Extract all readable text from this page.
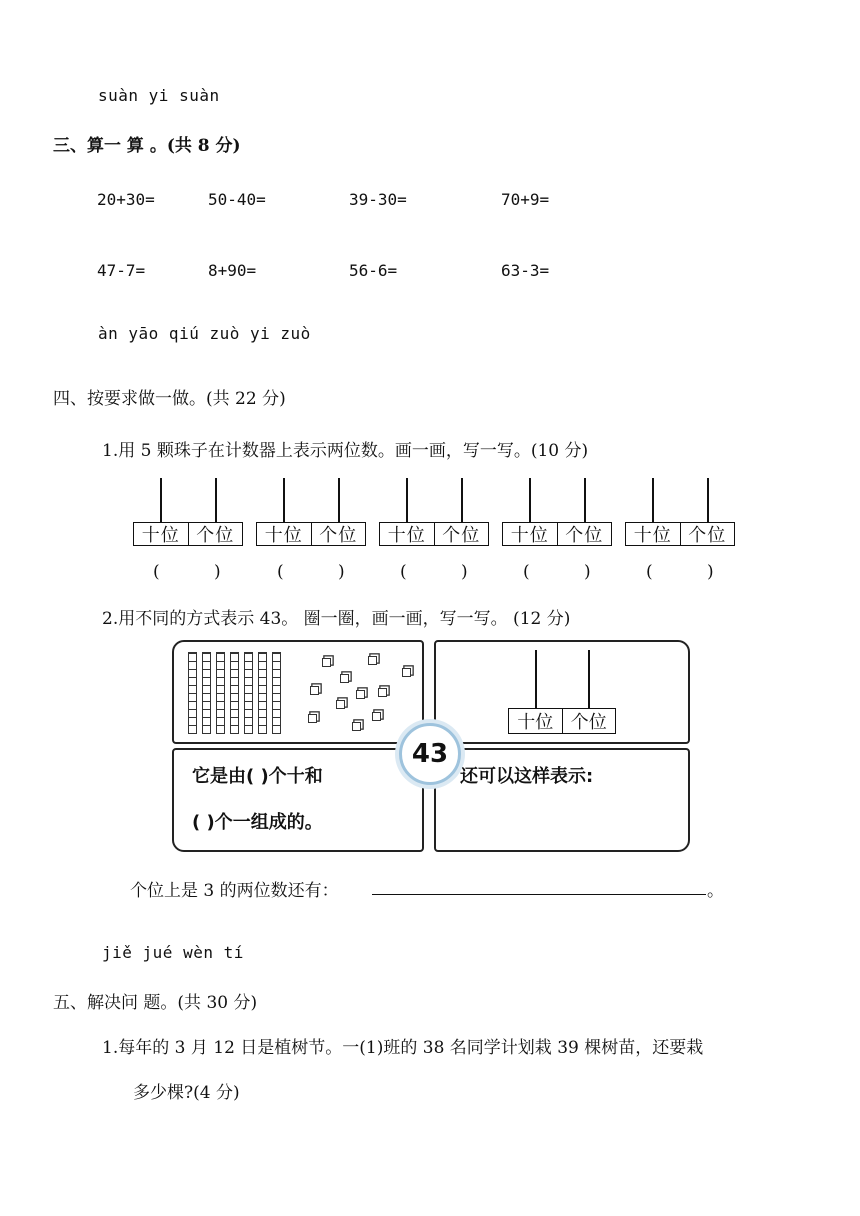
suàn yi suàn
三、算一 算 。(共 8 分)
20+30=	50-40=	39-30=	70+9=
47-7=	8+90=	56-6=	63-3=
àn yāo qiú zuò yi zuò
四、按要求做一做。(共 22 分)
1.用 5 颗珠子在计数器上表示两位数。画一画，写一写。(10 分)
十位 个位	十位 个位	十位 个位	十位 个位	十位 个位
(	)	(	)	(	)	(	)	(	)
2.用不同的方式表示 43。 圈一圈，画一画，写一写。 (12 分)
十位 个位
它是由( )个十和
( )个一组成的。
还可以这样表示:
43
个位上是 3 的两位数还有：	。
jiě jué wèn tí
五、解决问 题。(共 30 分)
1.每年的 3 月 12 日是植树节。一(1)班的 38 名同学计划栽 39 棵树苗，还要栽
多少棵?(4 分)
